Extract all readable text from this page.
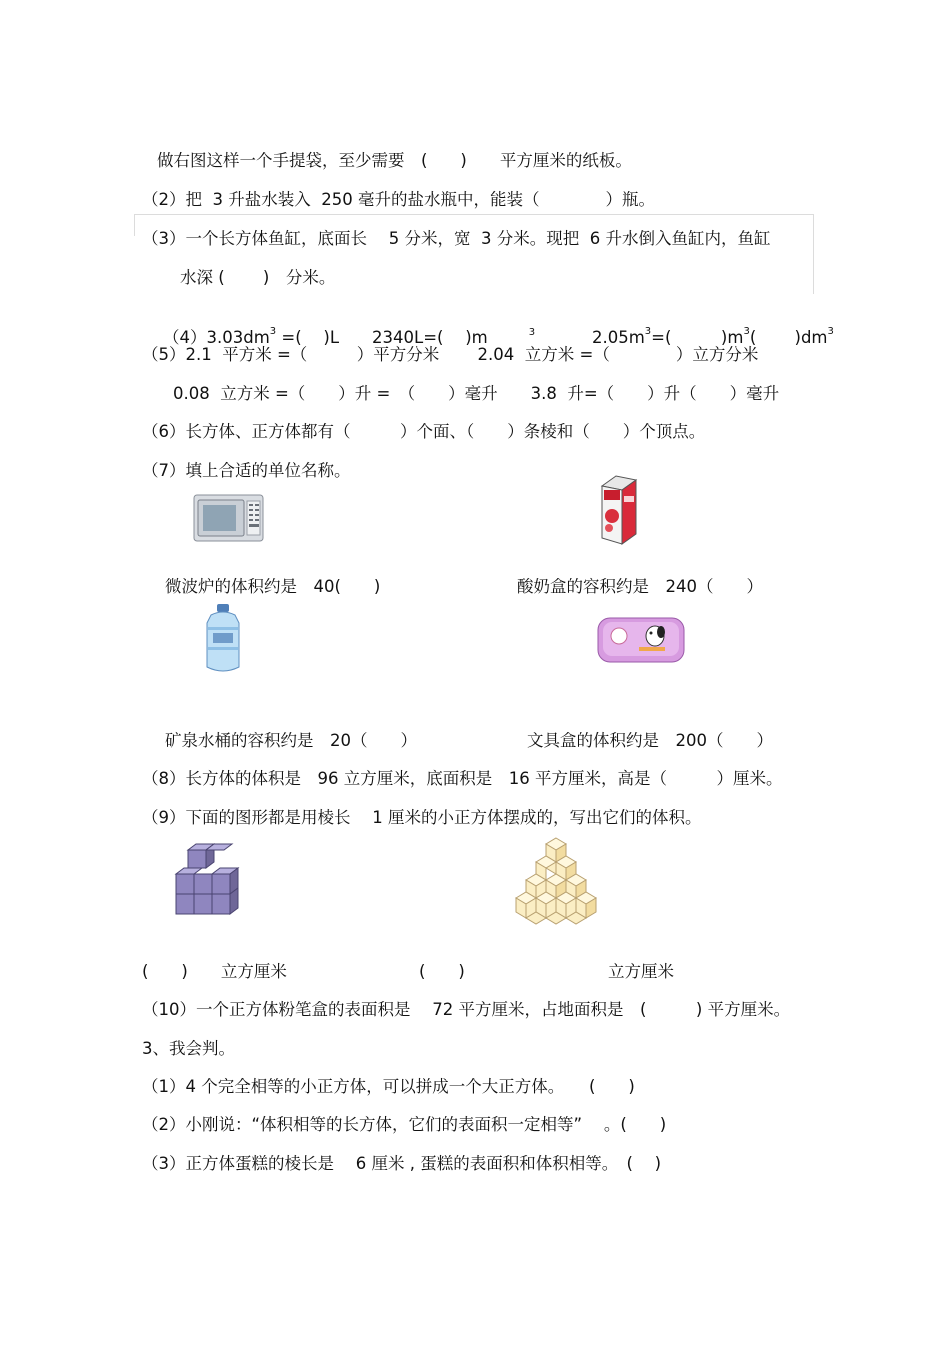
做右图这样一个手提袋，至少需要　(　　)　　平方厘米的纸板。
（2）把  3 升盐水装入  250 毫升的盐水瓶中，能装（　　　　）瓶。
（3）一个长方体鱼缸，底面长　 5 分米，宽  3 分米。现把  6 升水倒入鱼缸内，鱼缸
水深 (　　 )　分米。

$(4)3.03dm^3$ =(　 )L　　2340L=(　 )m
	3
	$2.05m^3=$(　　　)$m^3$(　　 )$dm^3$

（5）2.1  平方米 =（　　　）平方分米　　 2.04  立方米 =（　　　　）立方分米
0.08  立方米 =（　　）升 =　（　　）毫升　　3.8  升=（　　）升（　　）毫升
（6）长方体、正方体都有（　　　）个面、（　　）条棱和（　　）个顶点。
（7）填上合适的单位名称。
微波炉的体积约是　40(　　)	酸奶盒的容积约是　240（　　）
矿泉水桶的容积约是　20（　　）	文具盒的体积约是　200（　　）
（8）长方体的体积是　96 立方厘米，底面积是　16 平方厘米，高是（　　　）厘米。
（9）下面的图形都是用棱长　 1 厘米的小正方体摆成的，写出它们的体积。
(　　)　　立方厘米	(　　)	立方厘米
（10）一个正方体粉笔盒的表面积是　 72 平方厘米，占地面积是　(　　　) 平方厘米。
3、我会判。
（1）4 个完全相等的小正方体，可以拼成一个大正方体。　　(　　)
（2）小刚说：“体积相等的长方体，它们的表面积一定相等”　 。(　　)
（3）正方体蛋糕的棱长是　 6 厘米 , 蛋糕的表面积和体积相等。　(　 )
